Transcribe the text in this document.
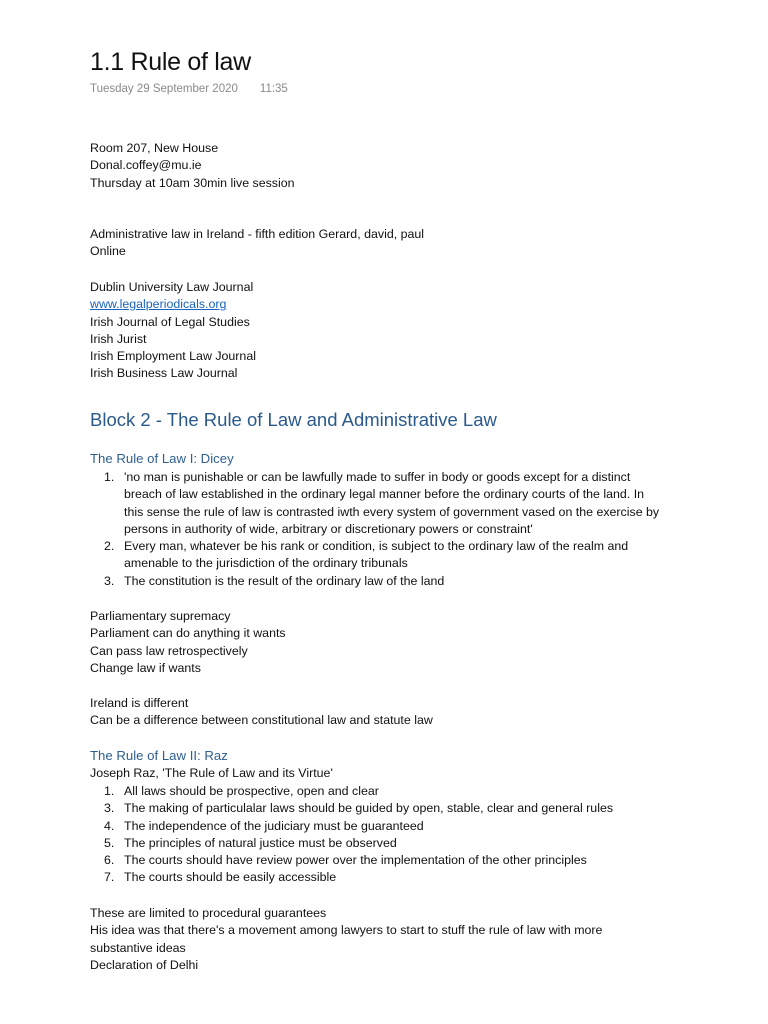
1.1 Rule of law
Tuesday 29 September 2020 11:35
Room 207, New House
Donal.coffey@mu.ie
Thursday at 10am 30min live session
Administrative law in Ireland - fifth edition Gerard, david, paul
Online
Dublin University Law Journal
www.legalperiodicals.org
Irish Journal of Legal Studies
Irish Jurist
Irish Employment Law Journal
Irish Business Law Journal
Block 2 - The Rule of Law and Administrative Law
The Rule of Law I: Dicey
1. 'no man is punishable or can be lawfully made to suffer in body or goods except for a distinct
breach of law established in the ordinary legal manner before the ordinary courts of the land. In
this sense the rule of law is contrasted iwth every system of government vased on the exercise by
persons in authority of wide, arbitrary or discretionary powers or constraint'
2. Every man, whatever be his rank or condition, is subject to the ordinary law of the realm and
amenable to the jurisdiction of the ordinary tribunals
3. The constitution is the result of the ordinary law of the land
Parliamentary supremacy
Parliament can do anything it wants
Can pass law retrospectively
Change law if wants
Ireland is different
Can be a difference between constitutional law and statute law
The Rule of Law II: Raz
Joseph Raz, 'The Rule of Law and its Virtue'
1. All laws should be prospective, open and clear
3. The making of particulalar laws should be guided by open, stable, clear and general rules
4. The independence of the judiciary must be guaranteed
5. The principles of natural justice must be observed
6. The courts should have review power over the implementation of the other principles
7. The courts should be easily accessible
These are limited to procedural guarantees
His idea was that there's a movement among lawyers to start to stuff the rule of law with more
substantive ideas
Declaration of Delhi
